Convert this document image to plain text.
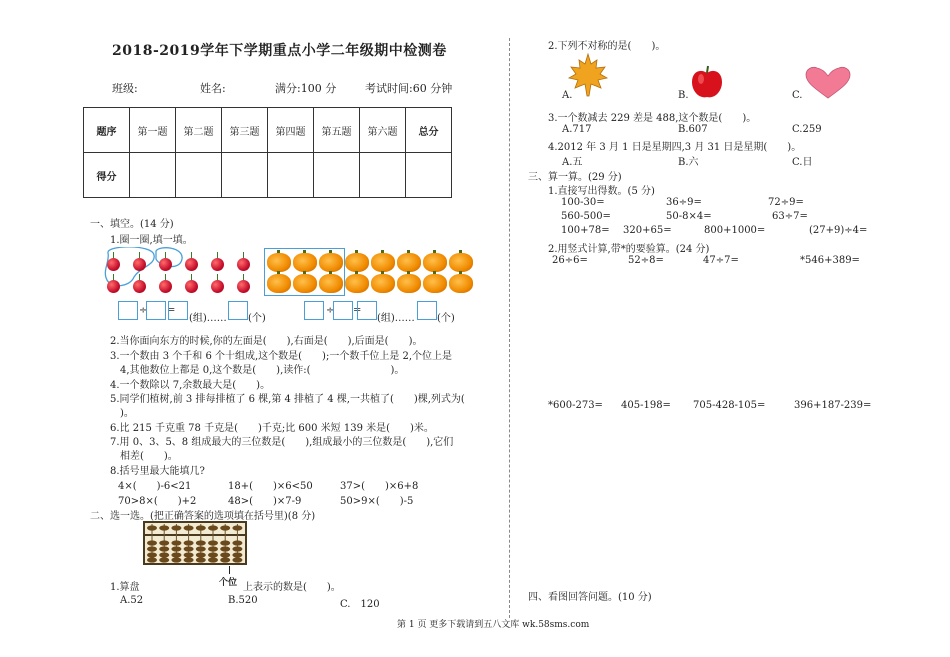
2018-2019学年下学期重点小学二年级期中检测卷
班级:	姓名:	满分:100 分	考试时间:60 分钟
题序	第一题	第二题	第三题	第四题	第五题	第六题	总分
得分							
一、填空。(14 分)
1.圈一圈,填一填。
÷ =
(组)…… (个)
÷ =
(组)…… (个)
2.当你面向东方的时候,你的左面是(　　),右面是(　　),后面是(　　)。
3.一个数由 3 个千和 6 个十组成,这个数是(　　);一个数千位上是 2,个位上是
4,其他数位上都是 0,这个数是(　　),读作:(　　　　　　　　)。
4.一个数除以 7,余数最大是(　　)。
5.同学们植树,前 3 排每排植了 6 棵,第 4 排植了 4 棵,一共植了(　　)棵,列式为(
)。
6.比 215 千克重 78 千克是(　　)千克;比 600 米短 139 米是(　　)米。
7.用 0、3、5、8 组成最大的三位数是(　　),组成最小的三位数是(　　),它们
相差(　　)。
8.括号里最大能填几?
4×(　　)-6<21	18+(　　)×6<50	37>(　　)×6+8
70>8×(　　)+2	48>(　　)×7-9	50>9×(　　)-5
二、选一选。(把正确答案的选项填在括号里)(8 分)
个位
1.算盘	上表示的数是(　　)。
A.52	B.520	C.　120
2.下列不对称的是(　　)。
A.	B.	C.
3.一个数减去 229 差是 488,这个数是(　　)。
A.717	B.607	C.259
4.2012 年 3 月 1 日是星期四,3 月 31 日是星期(　　)。
A.五	B.六	C.日
三、算一算。(29 分)
1.直接写出得数。(5 分)
100-30=	36÷9=	72÷9=
560-500=	50-8×4=	63÷7=
100+78= 320+65=	800+1000=	(27+9)÷4=
2.用竖式计算,带*的要验算。(24 分)
26÷6=	52÷8=	47÷7=	*546+389=
*600-273= 405-198= 705-428-105=	396+187-239=
四、看图回答问题。(10 分)
第 1 页 更多下载请到五八文库 wk.58sms.com
